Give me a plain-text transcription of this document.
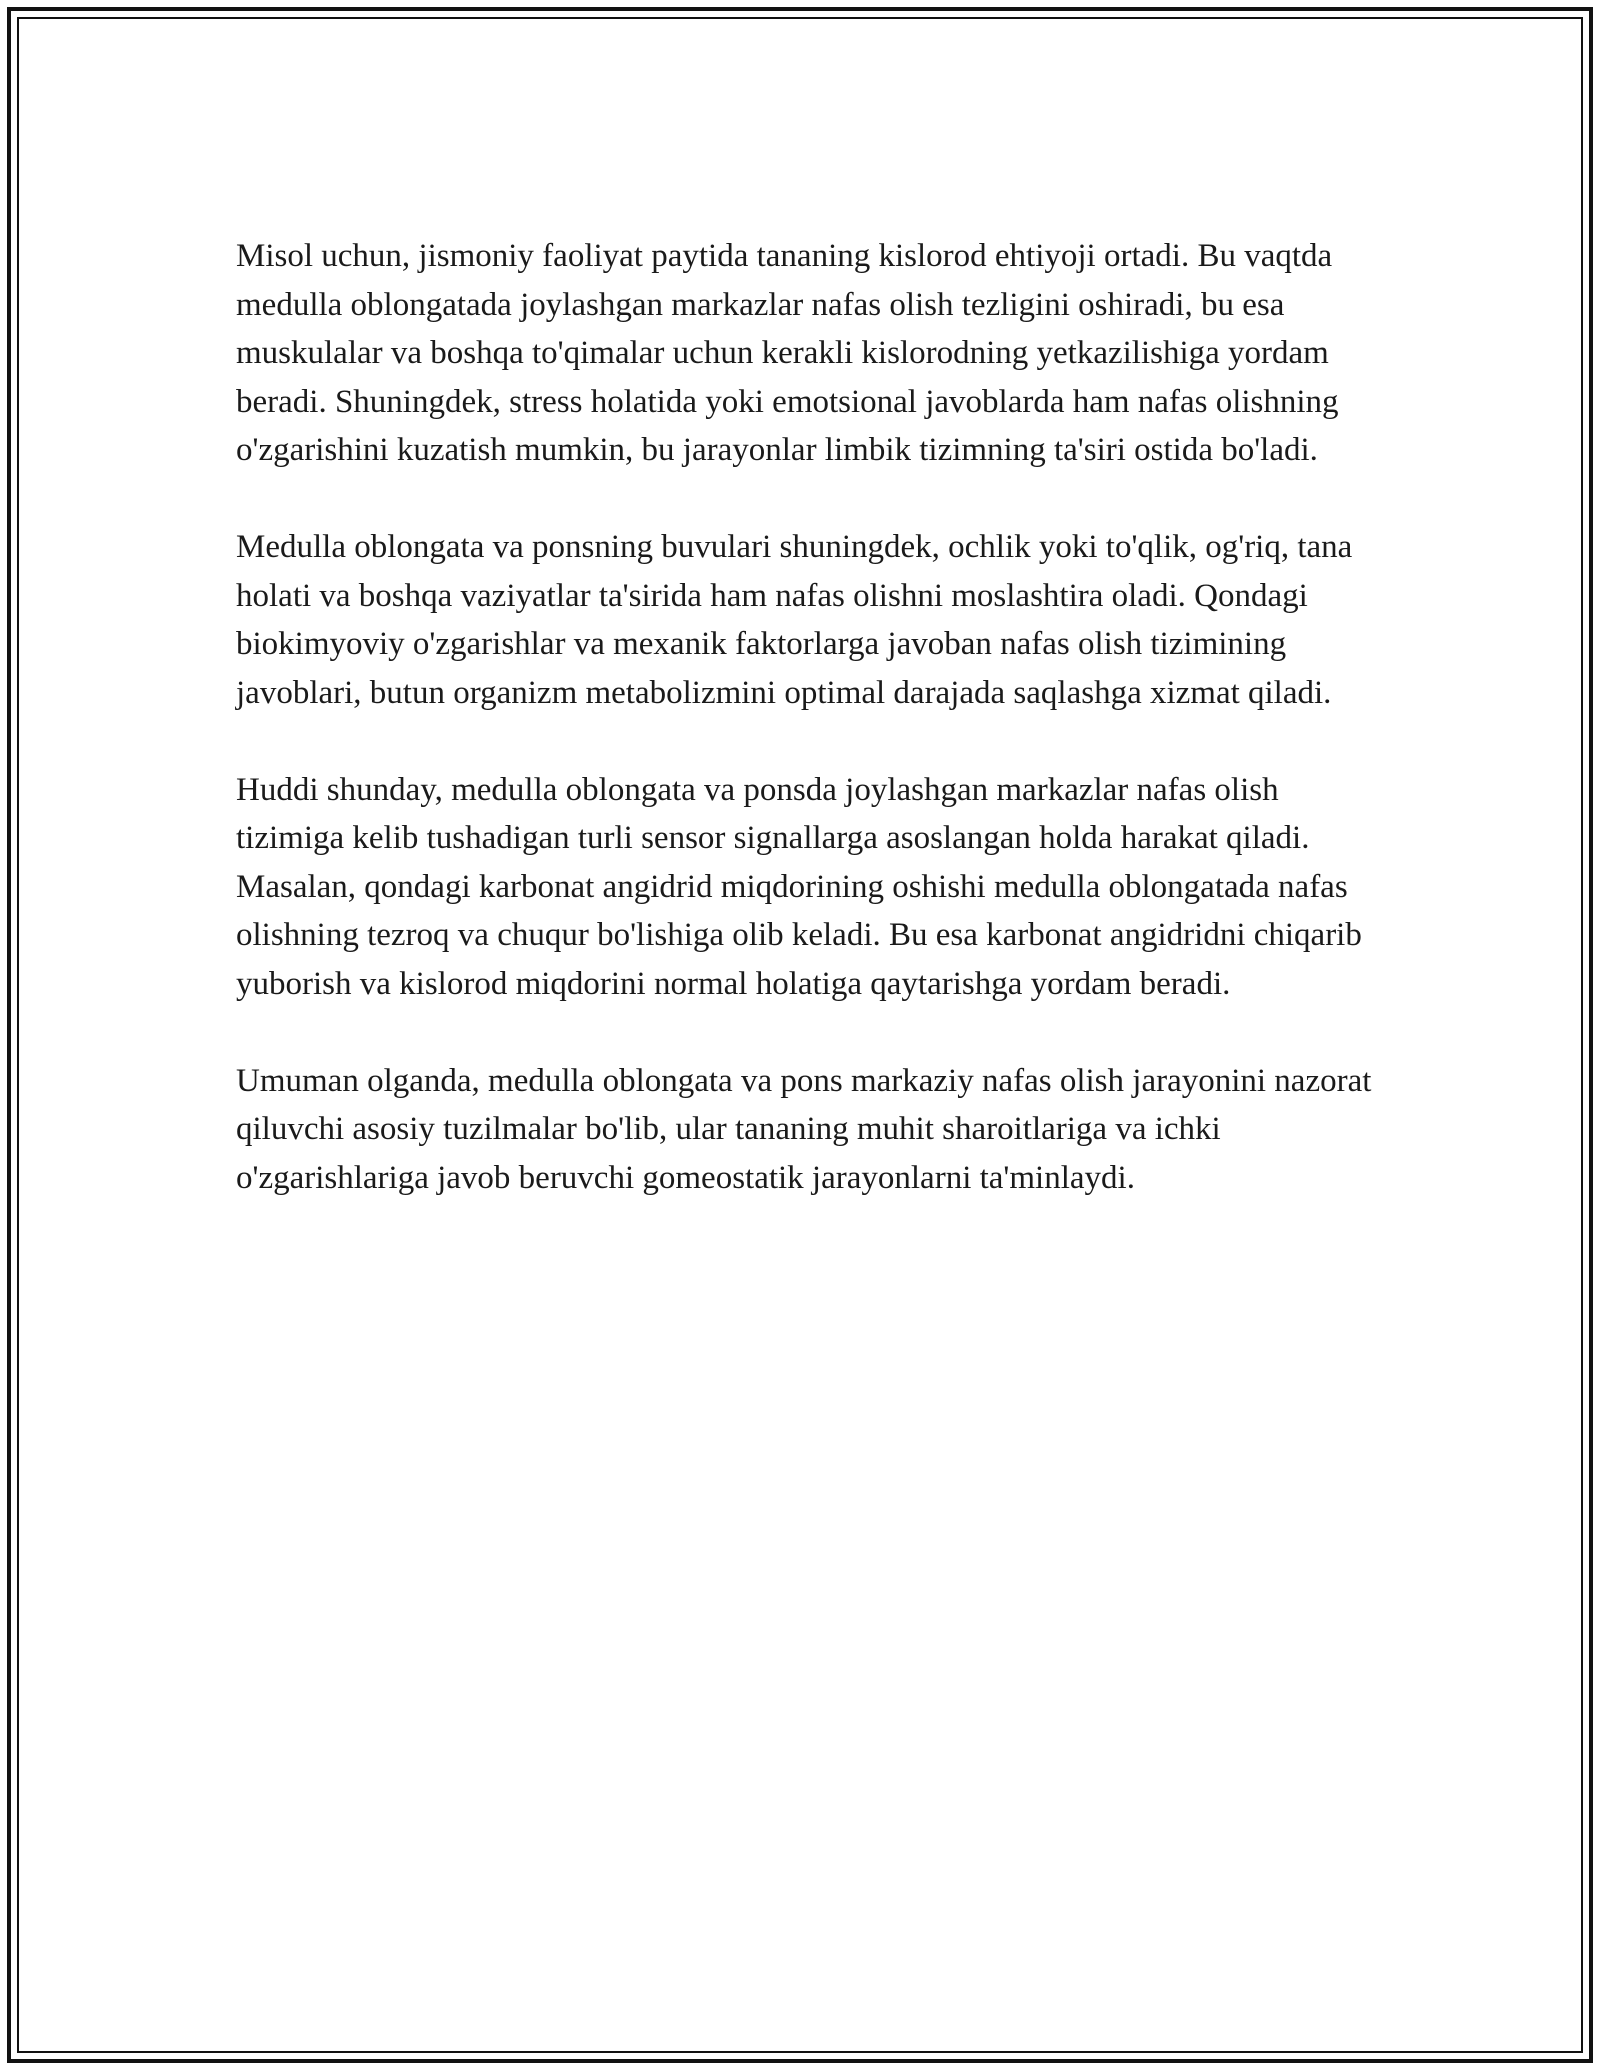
Misol uchun, jismoniy faoliyat paytida tananing kislorod ehtiyoji ortadi. Bu vaqtda medulla oblongatada joylashgan markazlar nafas olish tezligini oshiradi, bu esa muskulalar va boshqa to'qimalar uchun kerakli kislorodning yetkazilishiga yordam beradi. Shuningdek, stress holatida yoki emotsional javoblarda ham nafas olishning o'zgarishini kuzatish mumkin, bu jarayonlar limbik tizimning ta'siri ostida bo'ladi.

Medulla oblongata va ponsning buvulari shuningdek, ochlik yoki to'qlik, og'riq, tana holati va boshqa vaziyatlar ta'sirida ham nafas olishni moslashtira oladi. Qondagi biokimyoviy o'zgarishlar va mexanik faktorlarga javoban nafas olish tizimining javoblari, butun organizm metabolizmini optimal darajada saqlashga xizmat qiladi.

Huddi shunday, medulla oblongata va ponsda joylashgan markazlar nafas olish tizimiga kelib tushadigan turli sensor signallarga asoslangan holda harakat qiladi. Masalan, qondagi karbonat angidrid miqdorining oshishi medulla oblongatada nafas olishning tezroq va chuqur bo'lishiga olib keladi. Bu esa karbonat angidridni chiqarib yuborish va kislorod miqdorini normal holatiga qaytarishga yordam beradi.

Umuman olganda, medulla oblongata va pons markaziy nafas olish jarayonini nazorat qiluvchi asosiy tuzilmalar bo'lib, ular tananing muhit sharoitlariga va ichki o'zgarishlariga javob beruvchi gomeostatik jarayonlarni ta'minlaydi.
